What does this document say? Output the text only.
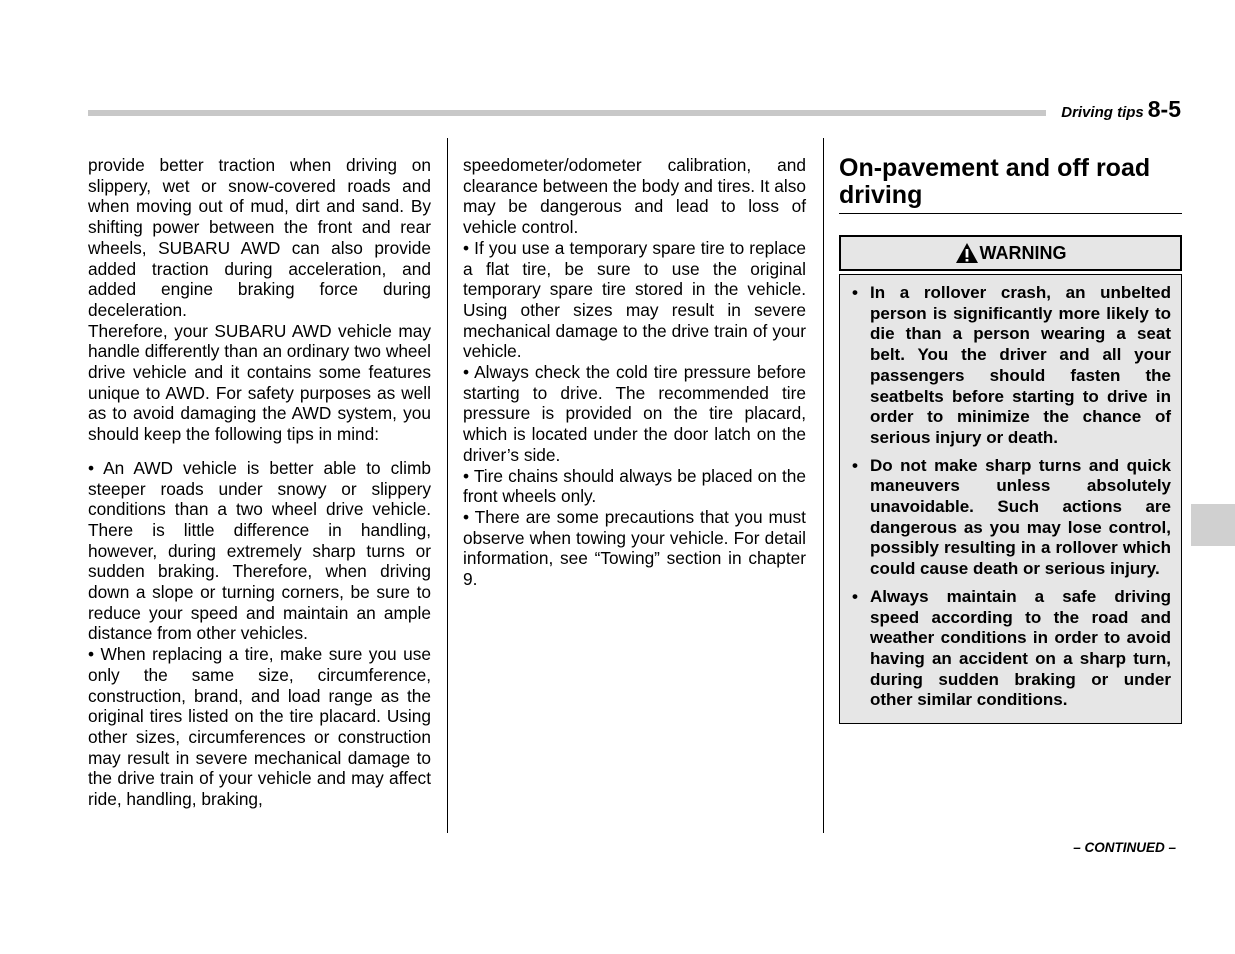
Driving tips 8-5

provide better traction when driving on slippery, wet or snow-covered roads and when moving out of mud, dirt and sand. By shifting power between the front and rear wheels, SUBARU AWD can also provide added traction during acceleration, and added engine braking force during deceleration.

Therefore, your SUBARU AWD vehicle may handle differently than an ordinary two wheel drive vehicle and it contains some features unique to AWD. For safety purposes as well as to avoid damaging the AWD system, you should keep the following tips in mind:

• An AWD vehicle is better able to climb steeper roads under snowy or slippery conditions than a two wheel drive vehicle. There is little difference in handling, however, during extremely sharp turns or sudden braking. Therefore, when driving down a slope or turning corners, be sure to reduce your speed and maintain an ample distance from other vehicles.

• When replacing a tire, make sure you use only the same size, circumference, construction, brand, and load range as the original tires listed on the tire placard. Using other sizes, circumferences or construction may result in severe mechanical damage to the drive train of your vehicle and may affect ride, handling, braking,

speedometer/odometer calibration, and clearance between the body and tires. It also may be dangerous and lead to loss of vehicle control.

• If you use a temporary spare tire to replace a flat tire, be sure to use the original temporary spare tire stored in the vehicle. Using other sizes may result in severe mechanical damage to the drive train of your vehicle.

• Always check the cold tire pressure before starting to drive. The recommended tire pressure is provided on the tire placard, which is located under the door latch on the driver’s side.

• Tire chains should always be placed on the front wheels only.

• There are some precautions that you must observe when towing your vehicle. For detail information, see “Towing” section in chapter 9.

On-pavement and off road driving
WARNING
• In a rollover crash, an unbelted person is significantly more likely to die than a person wearing a seat belt. You the driver and all your passengers should fasten the seatbelts before starting to drive in order to minimize the chance of serious injury or death.
• Do not make sharp turns and quick maneuvers unless absolutely unavoidable. Such actions are dangerous as you may lose control, possibly resulting in a rollover which could cause death or serious injury.
• Always maintain a safe driving speed according to the road and weather conditions in order to avoid having an accident on a sharp turn, during sudden braking or under other similar conditions.
– CONTINUED –
